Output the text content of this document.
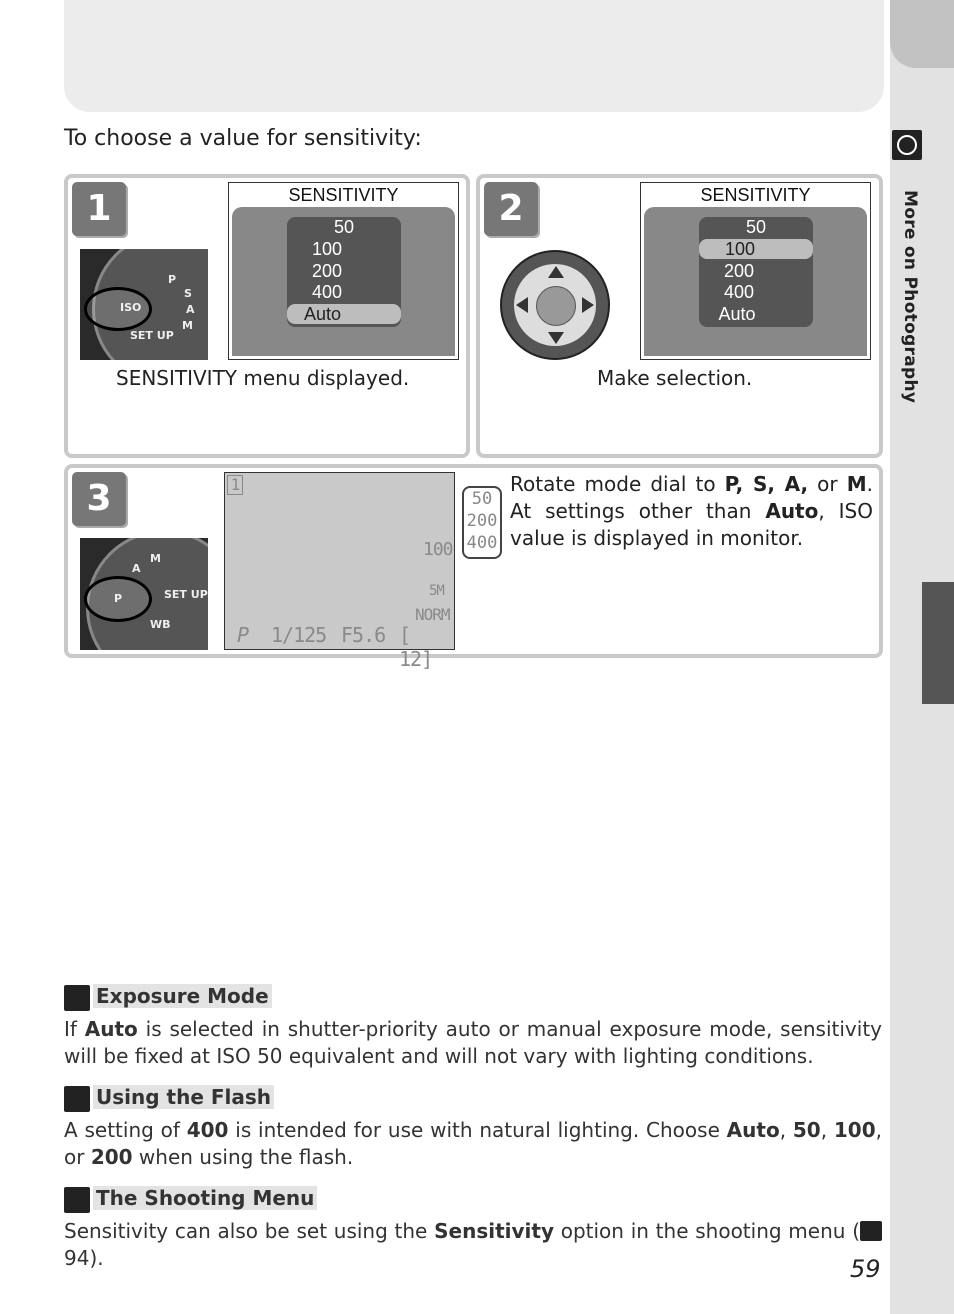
More on Photography
To choose a value for sensitivity:
1
ISO
P
S
A
M
SET UP
SENSITIVITY
50
100
200
400
Auto
SENSITIVITY menu displayed.
2	SENSITIVITY
50
100
200
400
Auto
Make selection.
3
P
A
M
SET UP
WB
1
100
5M
NORM
P 1/125 F5.6 [ 12]
50
200
400
Rotate mode dial to P, S, A, or M. At settings other than Auto, ISO value is displayed in monitor.
Exposure Mode
If Auto is selected in shutter-priority auto or manual exposure mode, sensitivity will be fixed at ISO 50 equivalent and will not vary with lighting conditions.
Using the Flash
A setting of 400 is intended for use with natural lighting. Choose Auto, 50, 100, or 200 when using the flash.
The Shooting Menu
Sensitivity can also be set using the Sensitivity option in the shooting menu ( 94).	59
